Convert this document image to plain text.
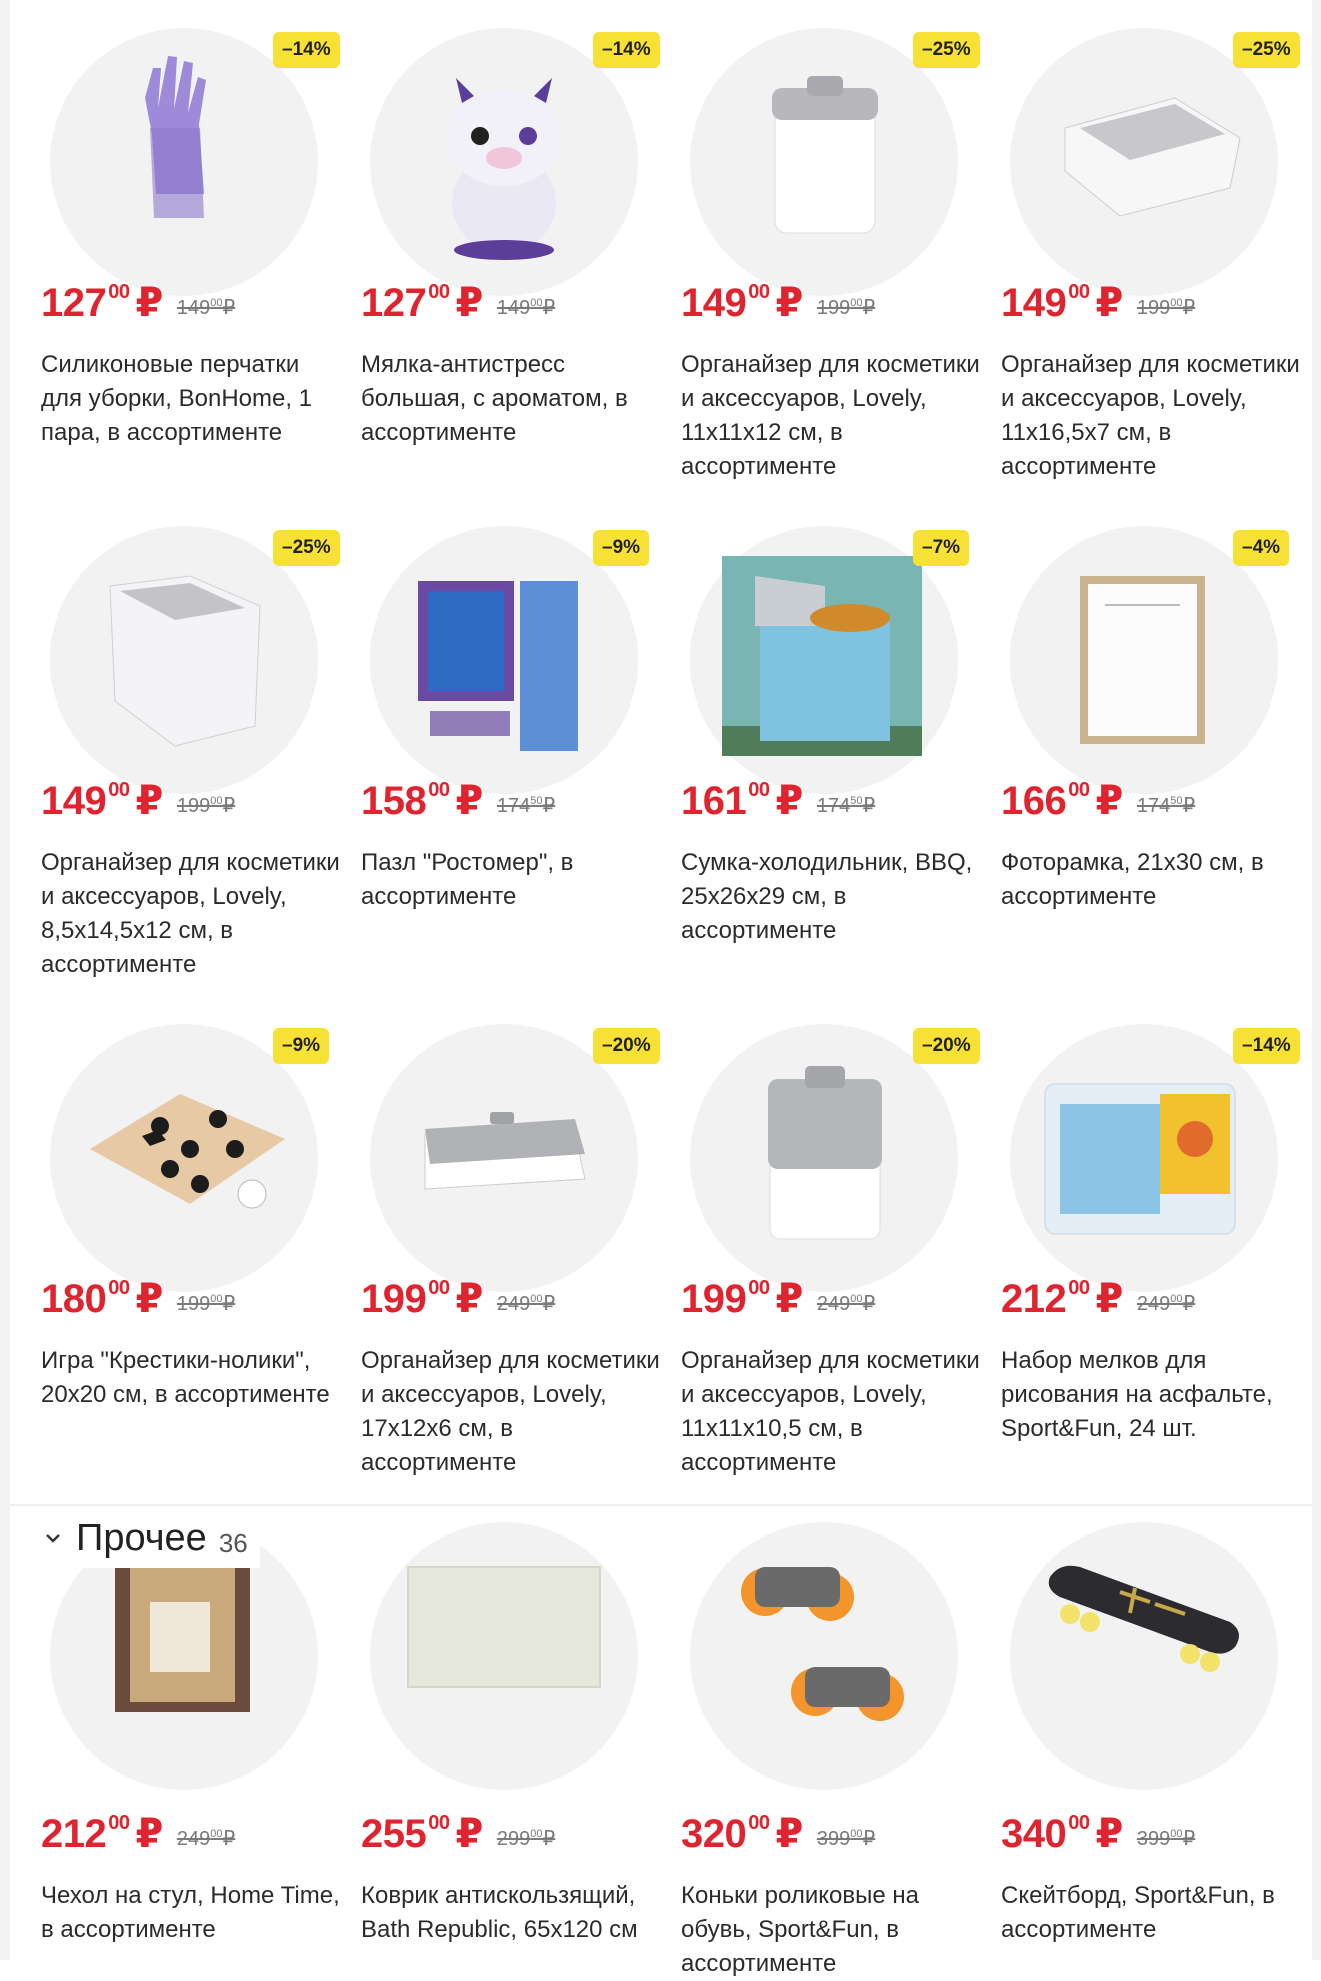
–14%
127 $^{00}$ ₽ $149^{00}₽$
Силиконовые перчатки для уборки, BonHome, 1 пара, в ассортименте
–14%
127 $^{00}$ ₽ $149^{00}₽$
Мялка-антистресс большая, с ароматом, в ассортименте
–25%
149 $^{00}$ ₽ $199^{00}₽$
Органайзер для косметики и аксессуаров, Lovely, 11х11х12 см, в ассортименте
–25%
149 $^{00}$ ₽ $199^{00}₽$
Органайзер для косметики и аксессуаров, Lovely, 11х16,5х7 см, в ассортименте
–25%
149 $^{00}$ ₽ $199^{00}₽$
Органайзер для косметики и аксессуаров, Lovely, 8,5х14,5х12 см, в ассортименте
–9%
158 $^{00}$ ₽ $174^{50}₽$
Пазл "Ростомер", в ассортименте
–7%
161 $^{00}$ ₽ $174^{50}₽$
Сумка-холодильник, BBQ, 25х26х29 см, в ассортименте
–4%
166 $^{00}$ ₽ $174^{50}₽$
Фоторамка, 21х30 см, в ассортименте
–9%
180 $^{00}$ ₽ $199^{00}₽$
Игра "Крестики-нолики", 20х20 см, в ассортименте
–20%
199 $^{00}$ ₽ $249^{00}₽$
Органайзер для косметики и аксессуаров, Lovely, 17х12х6 см, в ассортименте
–20%
199 $^{00}$ ₽ $249^{00}₽$
Органайзер для косметики и аксессуаров, Lovely, 11х11х10,5 см, в ассортименте
–14%
212 $^{00}$ ₽ $249^{00}₽$
Набор мелков для рисования на асфальте, Sport&Fun, 24 шт.
Прочее 36
212 $^{00}$ ₽ $249^{00}₽$
Чехол на стул, Home Time, в ассортименте
255 $^{00}$ ₽ $299^{00}₽$
Коврик антискользящий, Bath Republic, 65х120 см
320 $^{00}$ ₽ $399^{00}₽$
Коньки роликовые на обувь, Sport&Fun, в ассортименте
340 $^{00}$ ₽ $399^{00}₽$
Скейтборд, Sport&Fun, в ассортименте
